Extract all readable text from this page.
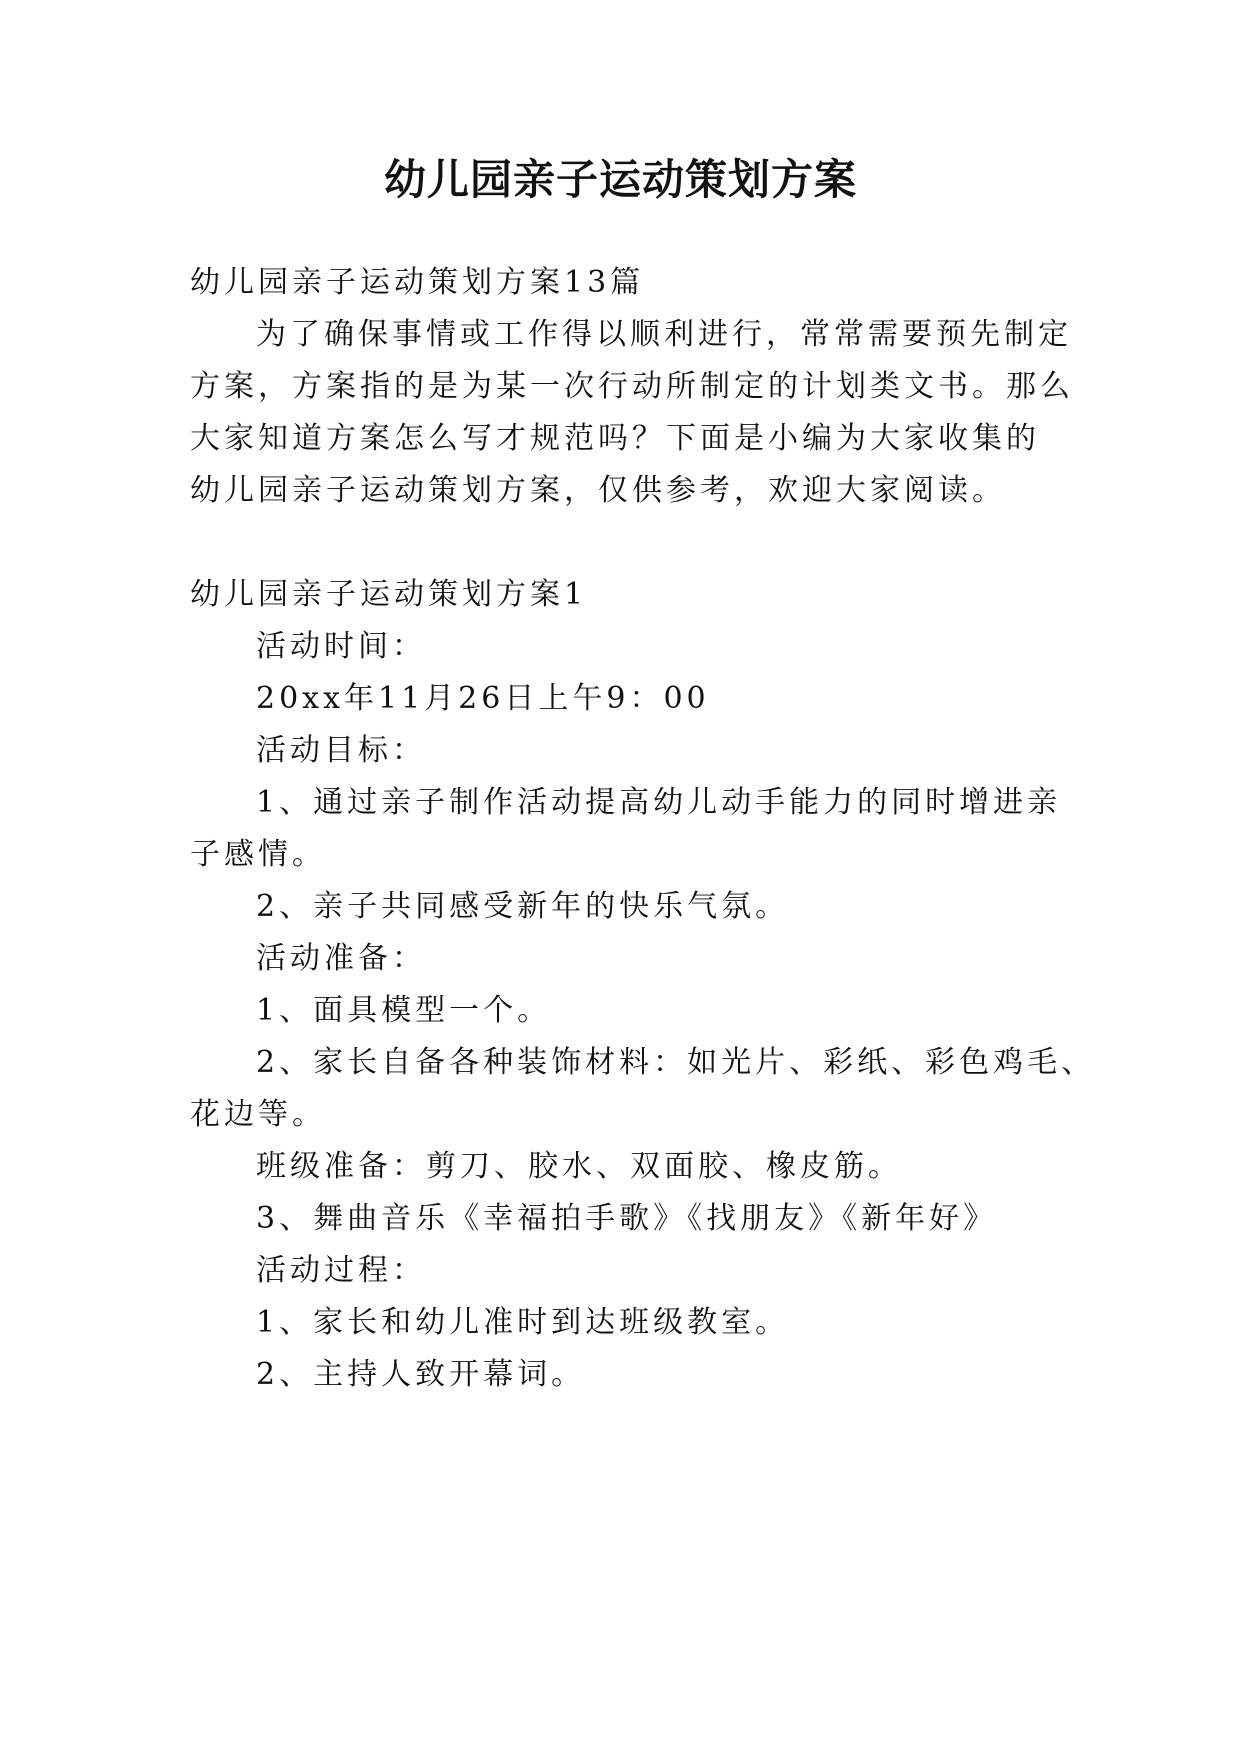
幼儿园亲子运动策划方案

幼儿园亲子运动策划方案13篇

为了确保事情或工作得以顺利进行，常常需要预先制定

方案，方案指的是为某一次行动所制定的计划类文书。那么

大家知道方案怎么写才规范吗？下面是小编为大家收集的

幼儿园亲子运动策划方案，仅供参考，欢迎大家阅读。

幼儿园亲子运动策划方案1

活动时间：

20xx年11月26日上午9：00

活动目标：

1、通过亲子制作活动提高幼儿动手能力的同时增进亲

子感情。

2、亲子共同感受新年的快乐气氛。

活动准备：

1、面具模型一个。

2、家长自备各种装饰材料：如光片、彩纸、彩色鸡毛、

花边等。

班级准备：剪刀、胶水、双面胶、橡皮筋。

3、舞曲音乐《幸福拍手歌》《找朋友》《新年好》

活动过程：

1、家长和幼儿准时到达班级教室。

2、主持人致开幕词。
